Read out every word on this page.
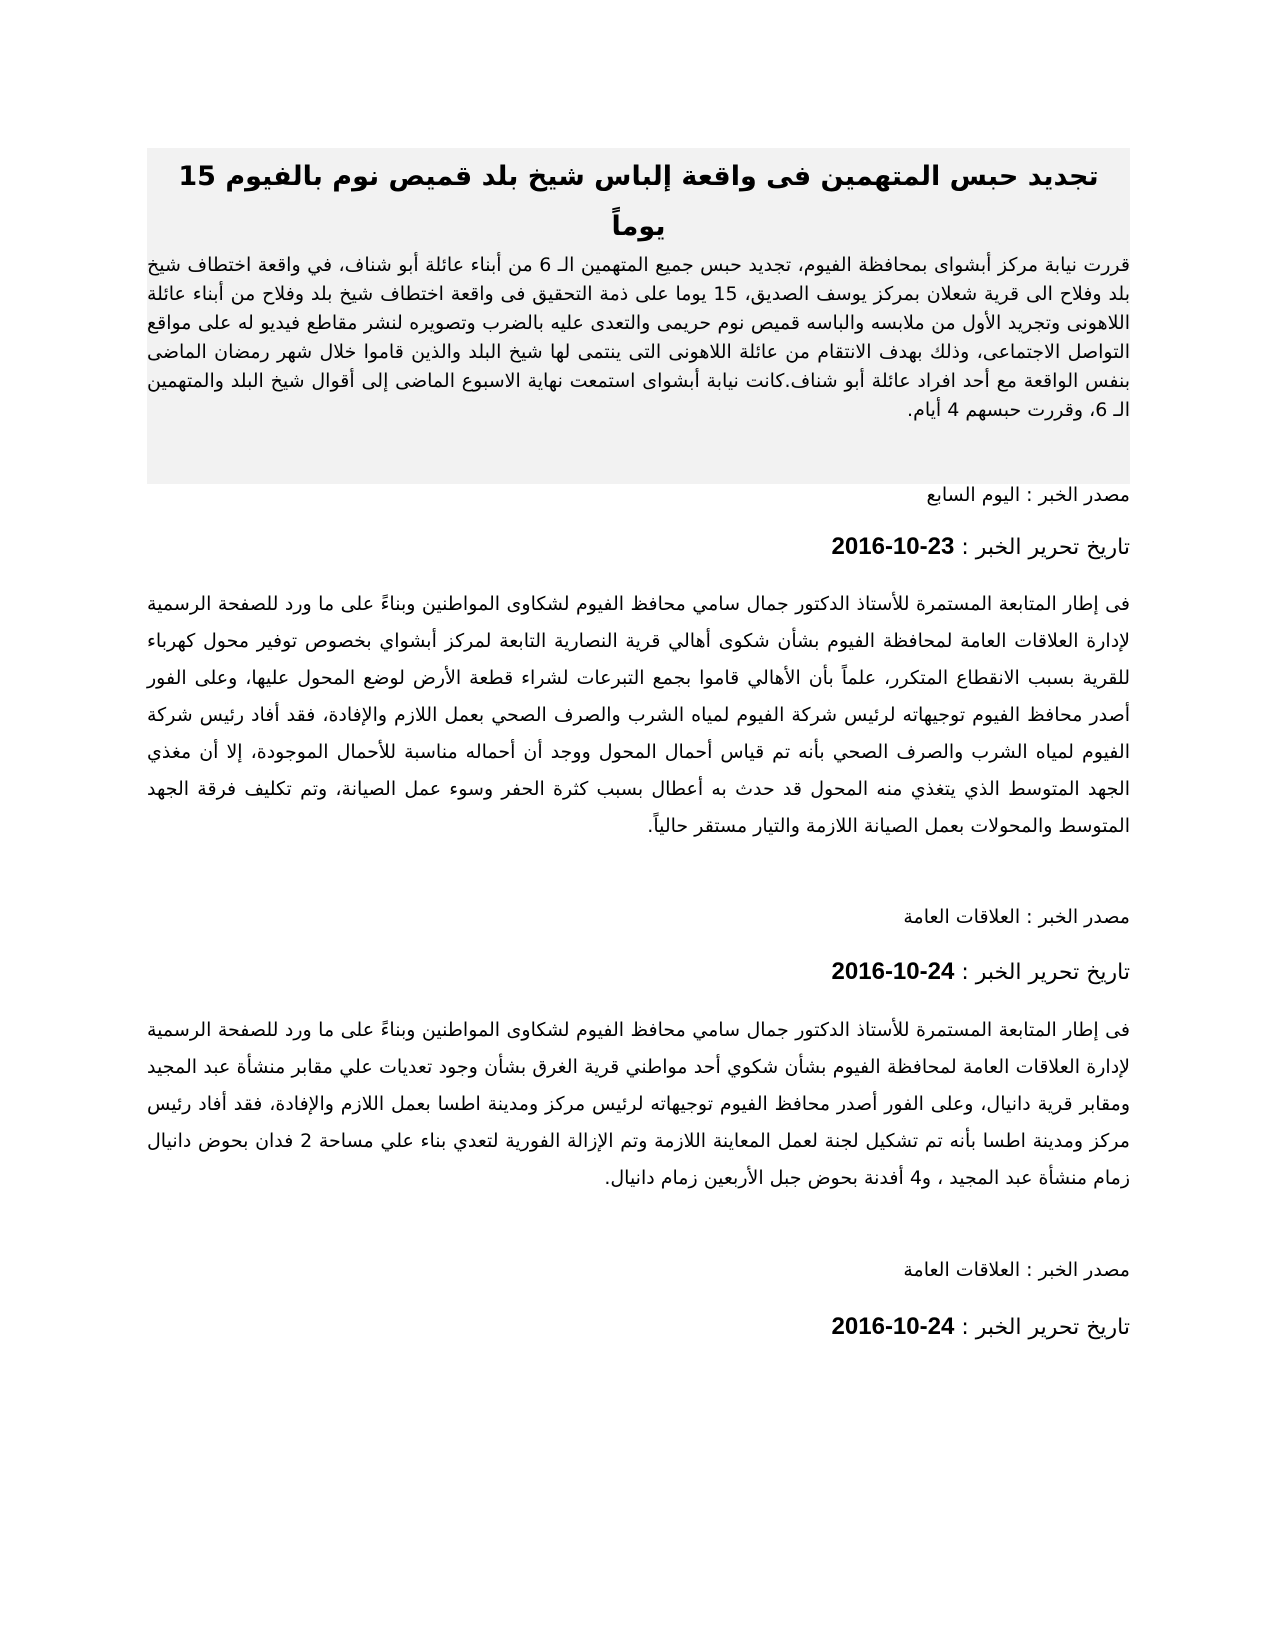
تجديد حبس المتهمين فى واقعة إلباس شيخ بلد قميص نوم بالفيوم 15 يوماً

قررت نيابة مركز أبشواى بمحافظة الفيوم، تجديد حبس جميع المتهمين الـ 6 من أبناء عائلة أبو شناف، في واقعة اختطاف شيخ بلد وفلاح الى قرية شعلان بمركز يوسف الصديق، 15 يوما على ذمة التحقيق فى واقعة اختطاف شيخ بلد وفلاح من أبناء عائلة اللاهونى وتجريد الأول من ملابسه والباسه قميص نوم حريمى والتعدى عليه بالضرب وتصويره لنشر مقاطع فيديو له على مواقع التواصل الاجتماعى، وذلك بهدف الانتقام من عائلة اللاهونى التى ينتمى لها شيخ البلد والذين قاموا خلال شهر رمضان الماضى بنفس الواقعة مع أحد افراد عائلة أبو شناف.كانت نيابة أبشواى استمعت نهاية الاسبوع الماضى إلى أقوال شيخ البلد والمتهمين الـ 6، وقررت حبسهم 4 أيام.

مصدر الخبر : اليوم السابع

تاريخ تحرير الخبر : 2016-10-23

فى إطار المتابعة المستمرة للأستاذ الدكتور جمال سامي محافظ الفيوم لشكاوى المواطنين وبناءً على ما ورد للصفحة الرسمية لإدارة العلاقات العامة لمحافظة الفيوم بشأن شكوى أهالي قرية النصارية التابعة لمركز أبشواي بخصوص توفير محول كهرباء للقرية بسبب الانقطاع المتكرر، علماً بأن الأهالي قاموا بجمع التبرعات لشراء قطعة الأرض لوضع المحول عليها، وعلى الفور أصدر محافظ الفيوم توجيهاته لرئيس شركة الفيوم لمياه الشرب والصرف الصحي بعمل اللازم والإفادة، فقد أفاد رئيس شركة الفيوم لمياه الشرب والصرف الصحي بأنه تم قياس أحمال المحول ووجد أن أحماله مناسبة للأحمال الموجودة، إلا أن مغذي الجهد المتوسط الذي يتغذي منه المحول قد حدث به أعطال بسبب كثرة الحفر وسوء عمل الصيانة، وتم تكليف فرقة الجهد المتوسط والمحولات بعمل الصيانة اللازمة والتيار مستقر حالياً.

مصدر الخبر : العلاقات العامة

تاريخ تحرير الخبر : 2016-10-24

فى إطار المتابعة المستمرة للأستاذ الدكتور جمال سامي محافظ الفيوم لشكاوى المواطنين وبناءً على ما ورد للصفحة الرسمية لإدارة العلاقات العامة لمحافظة الفيوم بشأن شكوي أحد مواطني قرية الغرق بشأن وجود تعديات علي مقابر منشأة عبد المجيد ومقابر قرية دانيال، وعلى الفور أصدر محافظ الفيوم توجيهاته لرئيس مركز ومدينة اطسا بعمل اللازم والإفادة، فقد أفاد رئيس مركز ومدينة اطسا بأنه تم تشكيل لجنة لعمل المعاينة اللازمة وتم الإزالة الفورية لتعدي بناء علي مساحة 2 فدان بحوض دانيال زمام منشأة عبد المجيد ، و4 أفدنة بحوض جبل الأربعين زمام دانيال.

مصدر الخبر : العلاقات العامة

تاريخ تحرير الخبر : 2016-10-24
